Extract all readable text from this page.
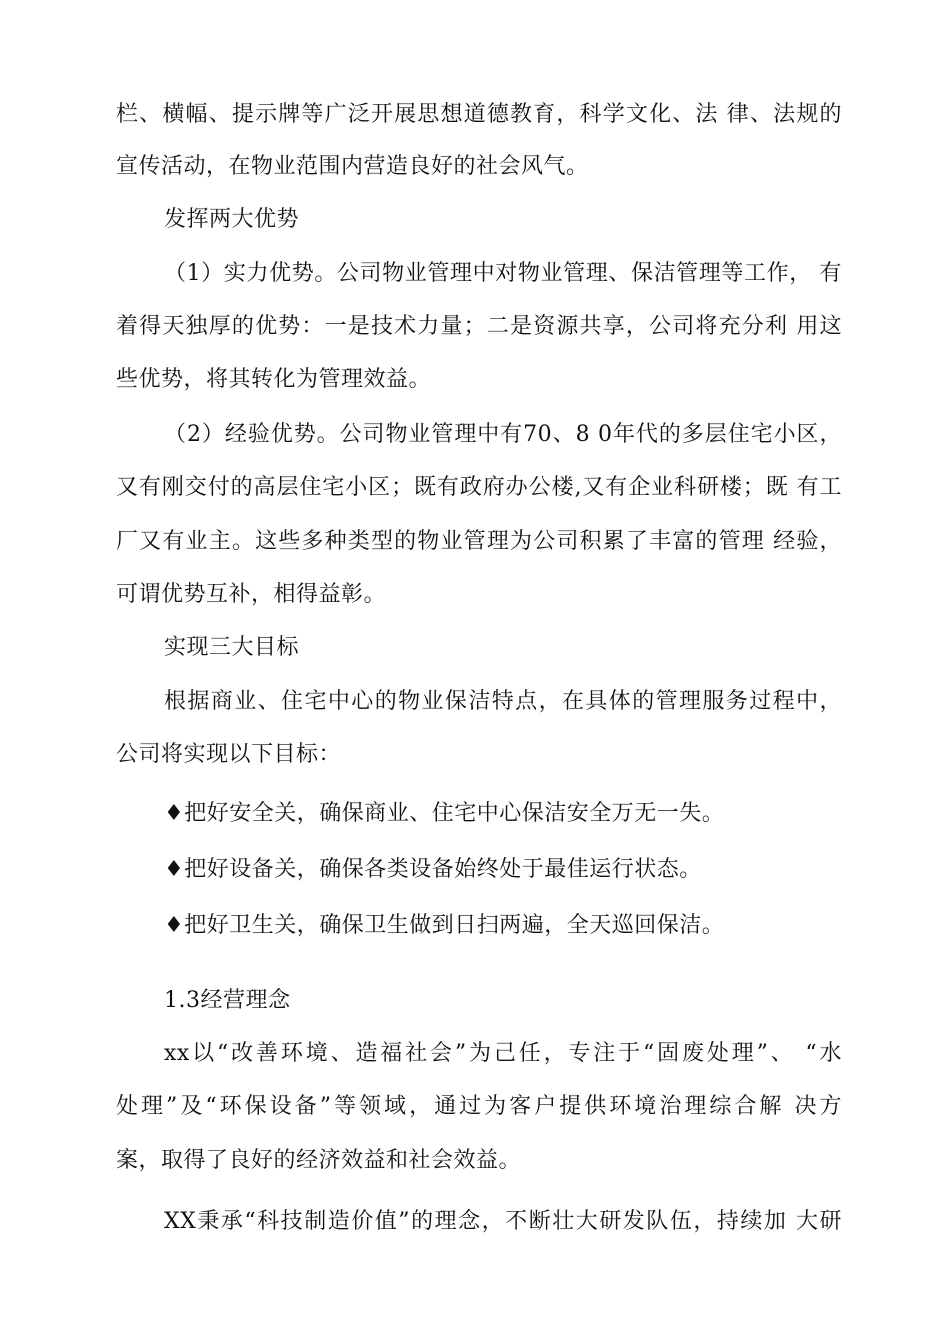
栏、横幅、提示牌等广泛开展思想道德教育，科学文化、法 律、法规的
宣传活动，在物业范围内营造良好的社会风气。
发挥两大优势
（1）实力优势。公司物业管理中对物业管理、保洁管理等工作， 有
着得天独厚的优势：一是技术力量；二是资源共享，公司将充分利 用这
些优势，将其转化为管理效益。
（2）经验优势。公司物业管理中有70、8 0年代的多层住宅小区，
又有刚交付的高层住宅小区；既有政府办公楼,又有企业科研楼；既 有工
厂又有业主。这些多种类型的物业管理为公司积累了丰富的管理 经验，
可谓优势互补，相得益彰。
实现三大目标
根据商业、住宅中心的物业保洁特点，在具体的管理服务过程中，
公司将实现以下目标：
♦把好安全关，确保商业、住宅中心保洁安全万无一失。
♦把好设备关，确保各类设备始终处于最佳运行状态。
♦把好卫生关，确保卫生做到日扫两遍，全天巡回保洁。
1.3经营理念
xx以“改善环境、造福社会”为己任，专注于“固废处理”、 “水
处理”及“环保设备”等领域，通过为客户提供环境治理综合解 决方
案，取得了良好的经济效益和社会效益。
XX秉承“科技制造价值”的理念，不断壮大研发队伍，持续加 大研
